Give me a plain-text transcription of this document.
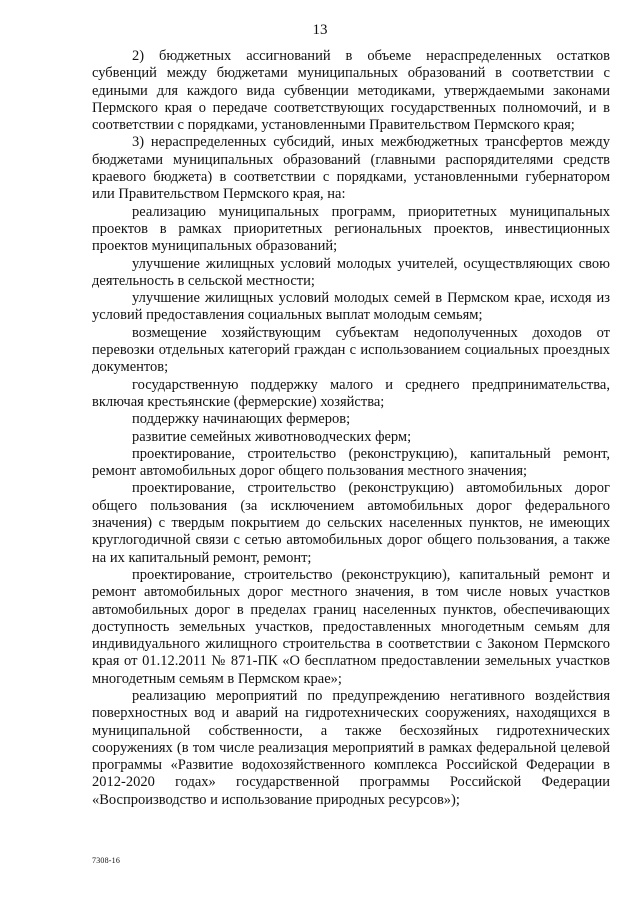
13

2) бюджетных ассигнований в объеме нераспределенных остатков субвенций между бюджетами муниципальных образований в соответствии с едиными для каждого вида субвенции методиками, утверждаемыми законами Пермского края о передаче соответствующих государственных полномочий, и в соответствии с порядками, установленными Правительством Пермского края;

3) нераспределенных субсидий, иных межбюджетных трансфертов между бюджетами муниципальных образований (главными распорядителями средств краевого бюджета) в соответствии с порядками, установленными губернатором или Правительством Пермского края, на:

реализацию муниципальных программ, приоритетных муниципальных проектов в рамках приоритетных региональных проектов, инвестиционных проектов муниципальных образований;

улучшение жилищных условий молодых учителей, осуществляющих свою деятельность в сельской местности;

улучшение жилищных условий молодых семей в Пермском крае, исходя из условий предоставления социальных выплат молодым семьям;

возмещение хозяйствующим субъектам недополученных доходов от перевозки отдельных категорий граждан с использованием социальных проездных документов;

государственную поддержку малого и среднего предпринимательства, включая крестьянские (фермерские) хозяйства;

поддержку начинающих фермеров;

развитие семейных животноводческих ферм;

проектирование, строительство (реконструкцию), капитальный ремонт, ремонт автомобильных дорог общего пользования местного значения;

проектирование, строительство (реконструкцию) автомобильных дорог общего пользования (за исключением автомобильных дорог федерального значения) с твердым покрытием до сельских населенных пунктов, не имеющих круглогодичной связи с сетью автомобильных дорог общего пользования, а также на их капитальный ремонт, ремонт;

проектирование, строительство (реконструкцию), капитальный ремонт и ремонт автомобильных дорог местного значения, в том числе новых участков автомобильных дорог в пределах границ населенных пунктов, обеспечивающих доступность земельных участков, предоставленных многодетным семьям для индивидуального жилищного строительства в соответствии с Законом Пермского края от 01.12.2011 № 871-ПК «О бесплатном предоставлении земельных участков многодетным семьям в Пермском крае»;

реализацию мероприятий по предупреждению негативного воздействия поверхностных вод и аварий на гидротехнических сооружениях, находящихся в муниципальной собственности, а также бесхозяйных гидротехнических сооружениях (в том числе реализация мероприятий в рамках федеральной целевой программы «Развитие водохозяйственного комплекса Российской Федерации в 2012-2020 годах» государственной программы Российской Федерации «Воспроизводство и использование природных ресурсов»);

7308-16
